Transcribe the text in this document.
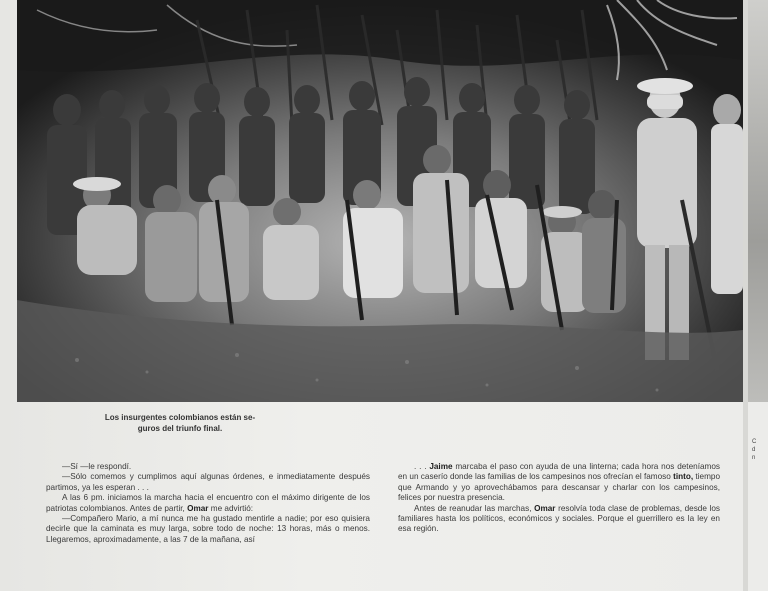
Los insurgentes colombianos están se-
guros del triunfo final.
C
d
n

—Sí —le respondí.

—Sólo comemos y cumplimos aquí algunas órdenes, e inmediatamente después partimos, ya les esperan . . .

A las 6 pm. iniciamos la marcha hacia el encuentro con el máximo dirigente de los patriotas colombianos. Antes de partir, Omar me advirtió:

—Compañero Mario, a mí nunca me ha gustado mentirle a nadie; por eso quisiera decirle que la caminata es muy larga, sobre todo de noche: 13 horas, más o menos. Llegaremos, aproximadamente, a las 7 de la mañana, así

. . . Jaime marcaba el paso con ayuda de una linterna; cada hora nos deteníamos en un caserío donde las familias de los campesinos nos ofrecían el famoso tinto, tiempo que Armando y yo aprovechábamos para descansar y charlar con los campesinos, felices por nuestra presencia.

Antes de reanudar las marchas, Omar resolvía toda clase de problemas, desde los familiares hasta los políticos, económicos y sociales. Porque el guerrillero es la ley en esa región.
